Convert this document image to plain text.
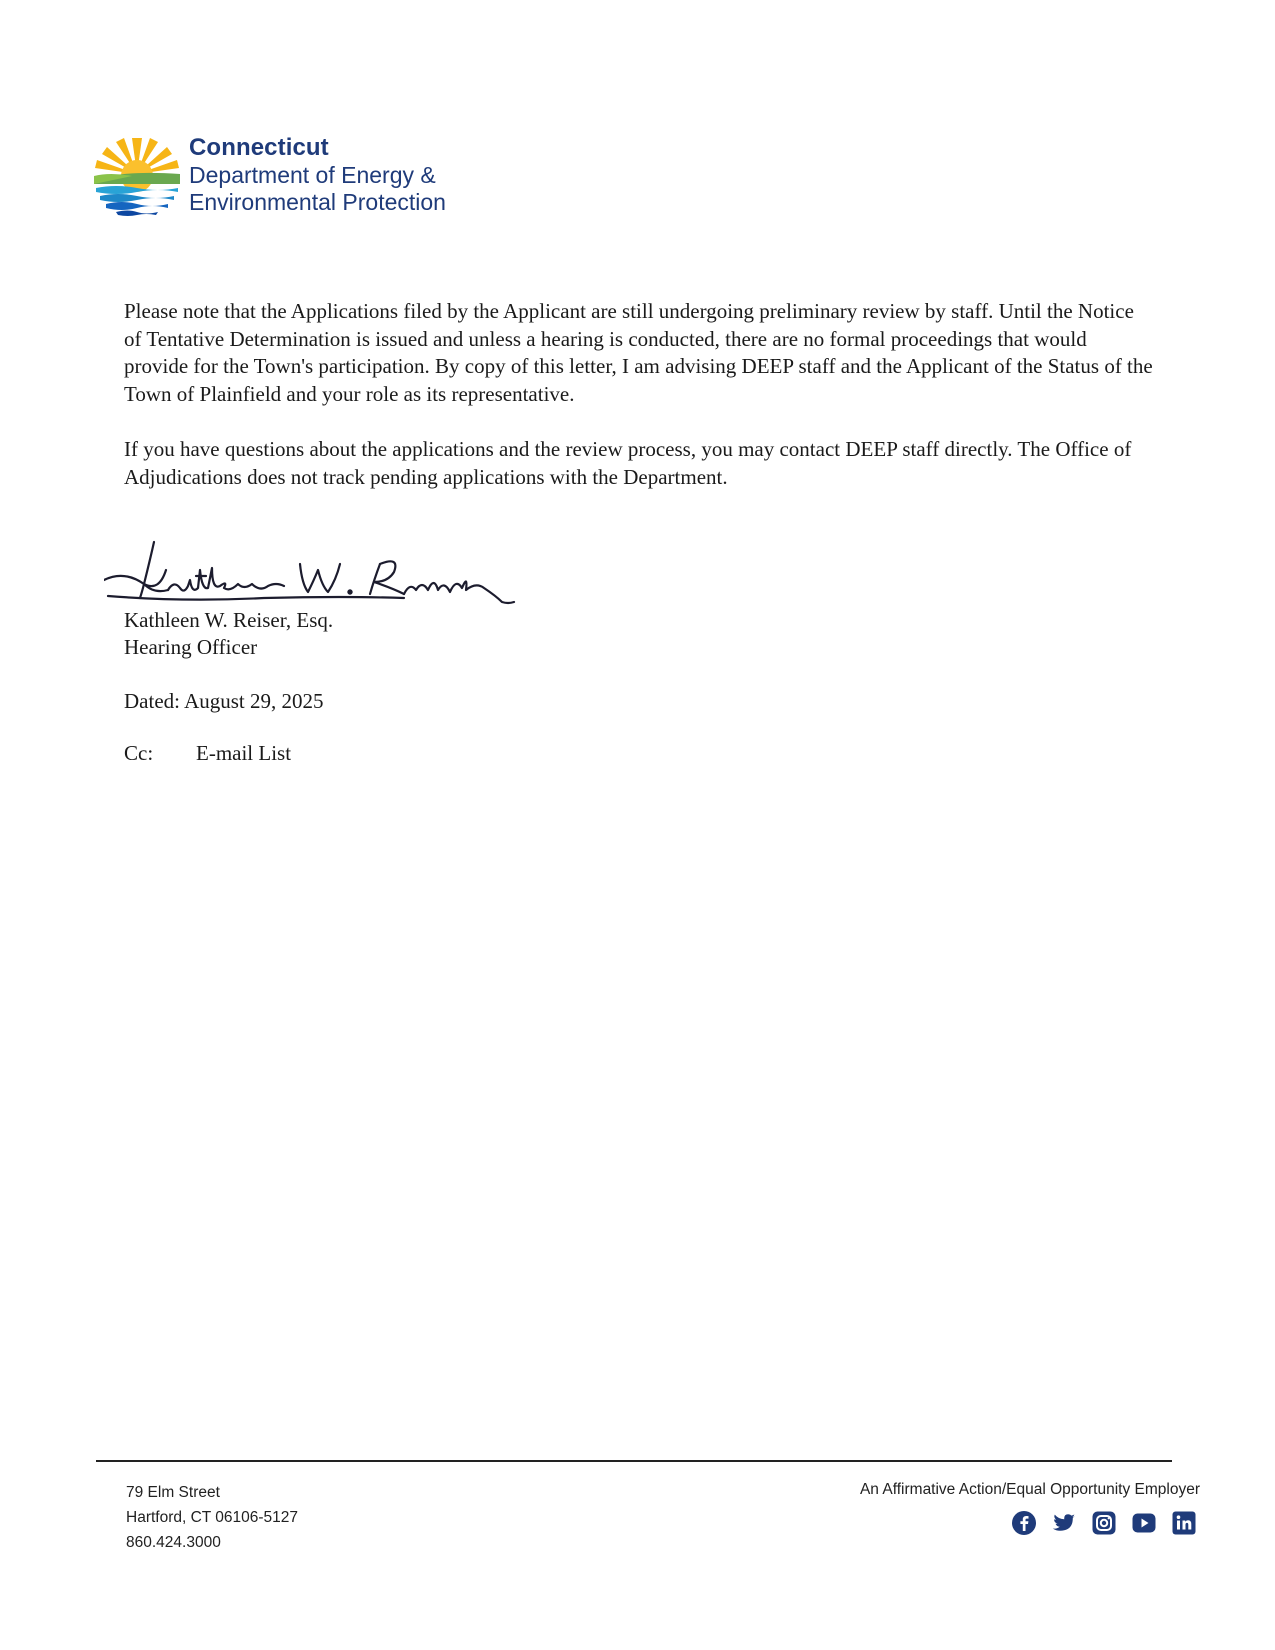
Connecticut
Department of Energy &
Environmental Protection

Please note that the Applications filed by the Applicant are still undergoing preliminary review by staff. Until the Notice of Tentative Determination is issued and unless a hearing is conducted, there are no formal proceedings that would provide for the Town's participation. By copy of this letter, I am advising DEEP staff and the Applicant of the Status of the Town of Plainfield and your role as its representative.

If you have questions about the applications and the review process, you may contact DEEP staff directly. The Office of Adjudications does not track pending applications with the Department.

Kathleen W. Reiser, Esq.
Hearing Officer
Dated: August 29, 2025
Cc: E-mail List
79 Elm Street
Hartford, CT 06106-5127
860.424.3000
An Affirmative Action/Equal Opportunity Employer
